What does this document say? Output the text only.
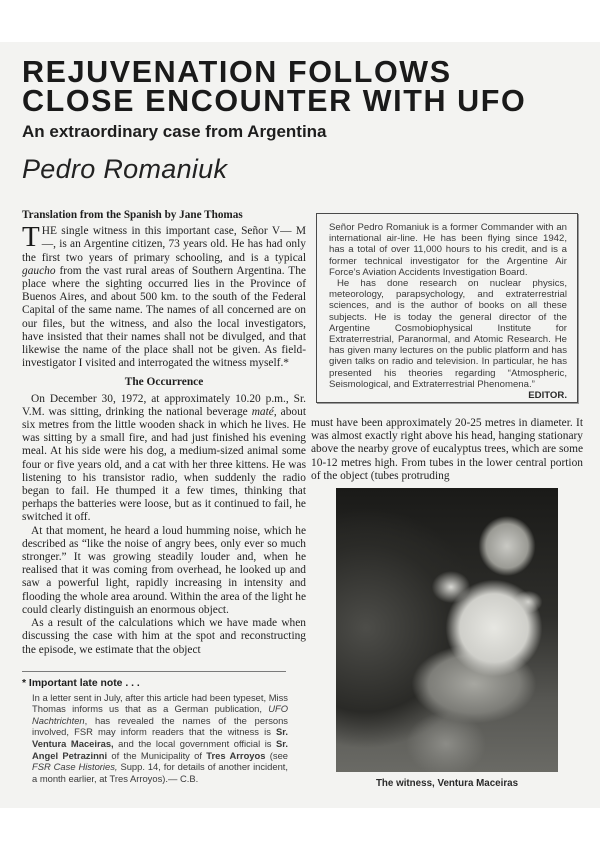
REJUVENATION FOLLOWS
CLOSE ENCOUNTER WITH UFO
An extraordinary case from Argentina
Pedro Romaniuk
Translation from the Spanish by Jane Thomas

THE single witness in this important case, Señor V— M—, is an Argentine citizen, 73 years old. He has had only the first two years of primary schooling, and is a typical gaucho from the vast rural areas of Southern Argentina. The place where the sighting occurred lies in the Province of Buenos Aires, and about 500 km. to the south of the Federal Capital of the same name. The names of all concerned are on our files, but the witness, and also the local investigators, have insisted that their names shall not be divulged, and that likewise the name of the place shall not be given. As field-investigator I visited and interrogated the witness myself.*

The Occurrence

On December 30, 1972, at approximately 10.20 p.m., Sr. V.M. was sitting, drinking the national beverage maté, about six metres from the little wooden shack in which he lives. He was sitting by a small fire, and had just finished his evening meal. At his side were his dog, a medium-sized animal some four or five years old, and a cat with her three kittens. He was listening to his transistor radio, when suddenly the radio began to fail. He thumped it a few times, thinking that perhaps the batteries were loose, but as it continued to fail, he switched it off.

At that moment, he heard a loud humming noise, which he described as “like the noise of angry bees, only ever so much stronger.” It was growing steadily louder and, when he realised that it was coming from overhead, he looked up and saw a powerful light, rapidly increasing in intensity and flooding the whole area around. Within the area of the light he could clearly distinguish an enormous object.

As a result of the calculations which we have made when discussing the case with him at the spot and reconstructing the episode, we estimate that the object

* Important late note . . .

In a letter sent in July, after this article had been typeset, Miss Thomas informs us that as a German publication, UFO Nachtrichten, has revealed the names of the persons involved, FSR may inform readers that the witness is Sr. Ventura Maceiras, and the local government official is Sr. Angel Petrazinni of the Municipality of Tres Arroyos (see FSR Case Histories, Supp. 14, for details of another incident, a month earlier, at Tres Arroyos).— C.B.

Señor Pedro Romaniuk is a former Commander with an international air-line. He has been flying since 1942, has a total of over 11,000 hours to his credit, and is a former technical investigator for the Argentine Air Force’s Aviation Accidents Investigation Board.

He has done research on nuclear physics, meteorology, parapsychology, and extraterrestrial sciences, and is the author of books on all these subjects. He is today the general director of the Argentine Cosmobiophysical Institute for Extraterrestrial, Paranormal, and Atomic Research. He has given many lectures on the public platform and has given talks on radio and television. In particular, he has presented his theories regarding “Atmospheric, Seismological, and Extraterrestrial Phenomena.”

EDITOR.

must have been approximately 20-25 metres in diameter. It was almost exactly right above his head, hanging stationary above the nearby grove of eucalyptus trees, which are some 10-12 metres high. From tubes in the lower central portion of the object (tubes protruding

The witness, Ventura Maceiras
